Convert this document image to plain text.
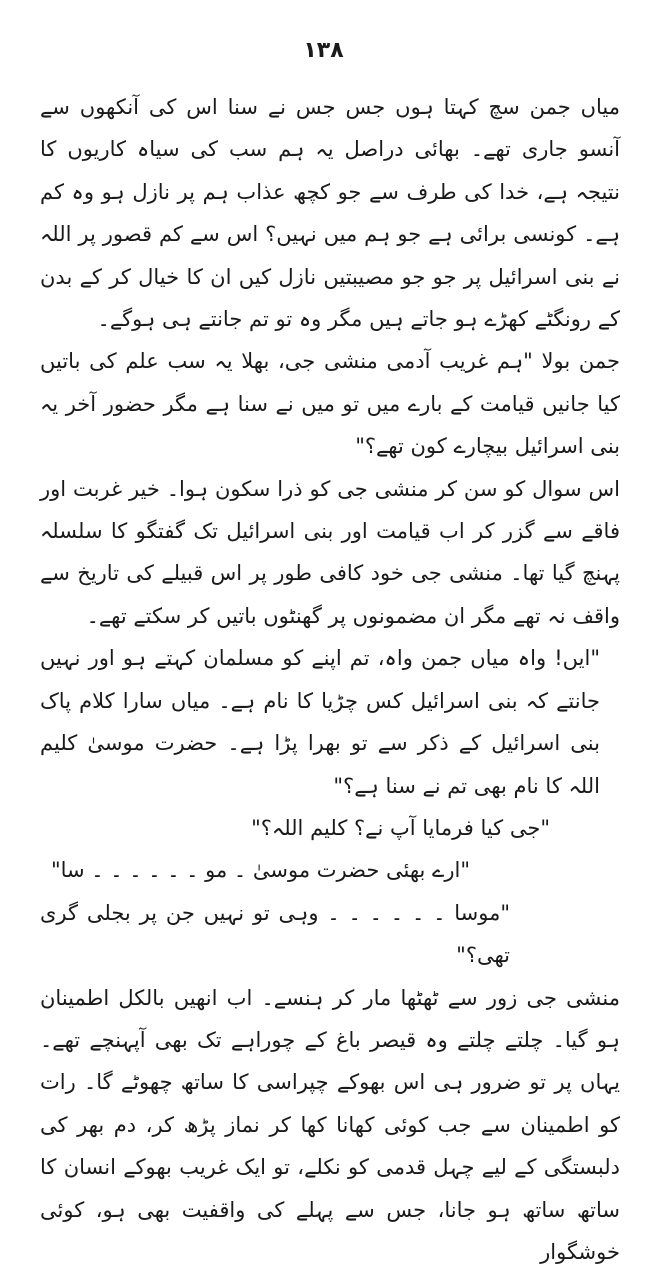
۱۳۸

میاں جمن سچ کہتا ہوں جس جس نے سنا اس کی آنکھوں سے آنسو جاری تھے۔ بھائی دراصل یہ ہم سب کی سیاہ کاریوں کا نتیجہ ہے، خدا کی طرف سے جو کچھ عذاب ہم پر نازل ہو وہ کم ہے۔ کونسی برائی ہے جو ہم میں نہیں؟ اس سے کم قصور پر اللہ نے بنی اسرائیل پر جو جو مصیبتیں نازل کیں ان کا خیال کر کے بدن کے رونگٹے کھڑے ہو جاتے ہیں مگر وہ تو تم جانتے ہی ہوگے۔

جمن بولا "ہم غریب آدمی منشی جی، بھلا یہ سب علم کی باتیں کیا جانیں قیامت کے بارے میں تو میں نے سنا ہے مگر حضور آخر یہ بنی اسرائیل بیچارے کون تھے؟"

اس سوال کو سن کر منشی جی کو ذرا سکون ہوا۔ خیر غربت اور فاقے سے گزر کر اب قیامت اور بنی اسرائیل تک گفتگو کا سلسلہ پہنچ گیا تھا۔ منشی جی خود کافی طور پر اس قبیلے کی تاریخ سے واقف نہ تھے مگر ان مضمونوں پر گھنٹوں باتیں کر سکتے تھے۔

"ایں! واہ میاں جمن واہ، تم اپنے کو مسلمان کہتے ہو اور نہیں جانتے کہ بنی اسرائیل کس چڑیا کا نام ہے۔ میاں سارا کلام پاک بنی اسرائیل کے ذکر سے تو بھرا پڑا ہے۔ حضرت موسیٰ کلیم اللہ کا نام بھی تم نے سنا ہے؟"

"جی کیا فرمایا آپ نے؟ کلیم اللہ؟"

"ارے بھئی حضرت موسیٰ ۔ مو ۔ ۔ ۔ ۔ ۔ ۔ سا"

"موسا ۔ ۔ ۔ ۔ ۔ ۔ وہی تو نہیں جن پر بجلی گری تھی؟"

منشی جی زور سے ٹھٹھا مار کر ہنسے۔ اب انھیں بالکل اطمینان ہو گیا۔ چلتے چلتے وہ قیصر باغ کے چوراہے تک بھی آپہنچے تھے۔ یہاں پر تو ضرور ہی اس بھوکے چپراسی کا ساتھ چھوٹے گا۔ رات کو اطمینان سے جب کوئی کھانا کھا کر نماز پڑھ کر، دم بھر کی دلبستگی کے لیے چہل قدمی کو نکلے، تو ایک غریب بھوکے انسان کا ساتھ ساتھ ہو جانا، جس سے پہلے کی واقفیت بھی ہو، کوئی خوشگوار
